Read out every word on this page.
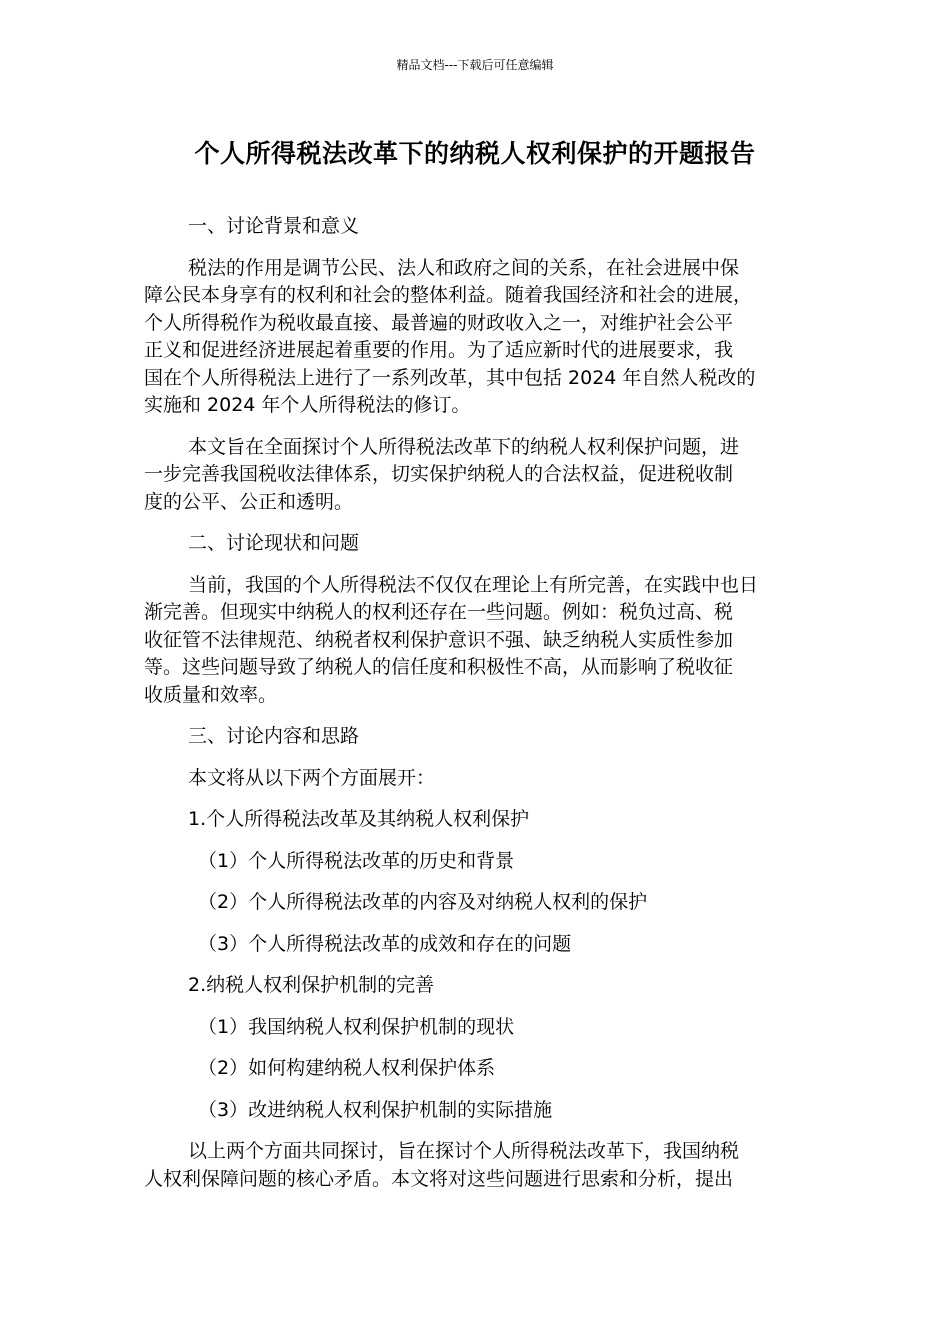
精品文档---下载后可任意编辑
个人所得税法改革下的纳税人权利保护的开题报告

一、讨论背景和意义

税法的作用是调节公民、法人和政府之间的关系，在社会进展中保
障公民本身享有的权利和社会的整体利益。随着我国经济和社会的进展，
个人所得税作为税收最直接、最普遍的财政收入之一，对维护社会公平
正义和促进经济进展起着重要的作用。为了适应新时代的进展要求，我
国在个人所得税法上进行了一系列改革，其中包括 2024 年自然人税改的
实施和 2024 年个人所得税法的修订。

本文旨在全面探讨个人所得税法改革下的纳税人权利保护问题，进
一步完善我国税收法律体系，切实保护纳税人的合法权益，促进税收制
度的公平、公正和透明。

二、讨论现状和问题

当前，我国的个人所得税法不仅仅在理论上有所完善，在实践中也日
渐完善。但现实中纳税人的权利还存在一些问题。例如：税负过高、税
收征管不法律规范、纳税者权利保护意识不强、缺乏纳税人实质性参加
等。这些问题导致了纳税人的信任度和积极性不高，从而影响了税收征
收质量和效率。

三、讨论内容和思路

本文将从以下两个方面展开：

1.个人所得税法改革及其纳税人权利保护

（1）个人所得税法改革的历史和背景

（2）个人所得税法改革的内容及对纳税人权利的保护

（3）个人所得税法改革的成效和存在的问题

2.纳税人权利保护机制的完善

（1）我国纳税人权利保护机制的现状

（2）如何构建纳税人权利保护体系

（3）改进纳税人权利保护机制的实际措施

以上两个方面共同探讨，旨在探讨个人所得税法改革下，我国纳税
人权利保障问题的核心矛盾。本文将对这些问题进行思索和分析，提出
